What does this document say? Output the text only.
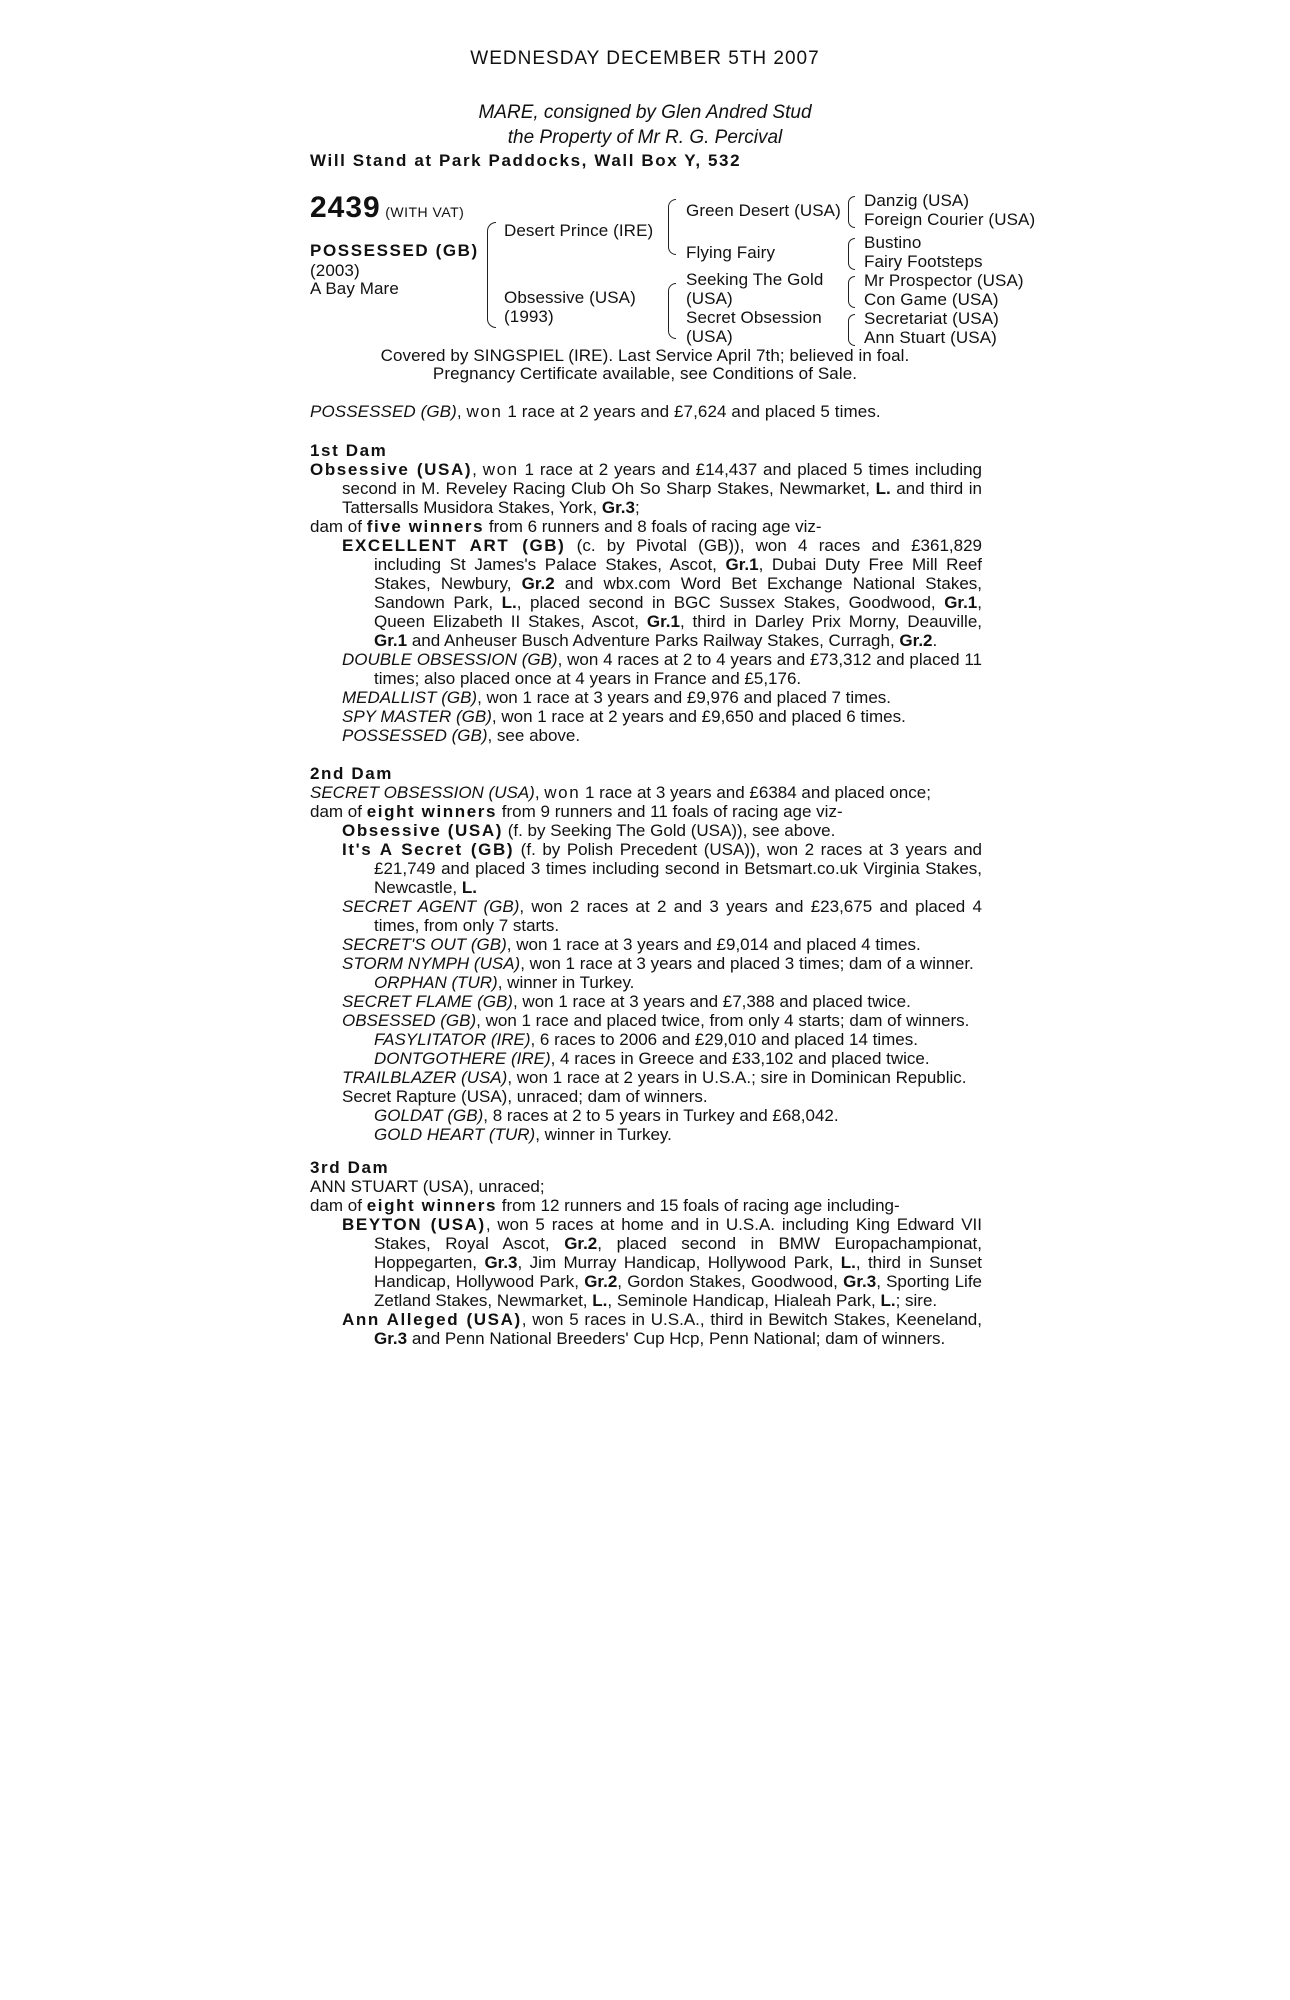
WEDNESDAY DECEMBER 5TH 2007
MARE, consigned by Glen Andred Stud
the Property of Mr R. G. Percival
Will Stand at Park Paddocks, Wall Box Y, 532
2439 (WITH VAT)
POSSESSED (GB)
(2003)
A Bay Mare
Desert Prince (IRE)
Obsessive (USA)
(1993)
Green Desert (USA)
Flying Fairy
Seeking The Gold
(USA)
Secret Obsession
(USA)
Danzig (USA)
Foreign Courier (USA)
Bustino
Fairy Footsteps
Mr Prospector (USA)
Con Game (USA)
Secretariat (USA)
Ann Stuart (USA)
Covered by SINGSPIEL (IRE). Last Service April 7th; believed in foal.
Pregnancy Certificate available, see Conditions of Sale.
POSSESSED (GB), won 1 race at 2 years and £7,624 and placed 5 times.

1st Dam

Obsessive (USA), won 1 race at 2 years and £14,437 and placed 5 times including second in M. Reveley Racing Club Oh So Sharp Stakes, Newmarket, L. and third in Tattersalls Musidora Stakes, York, Gr.3;

dam of five winners from 6 runners and 8 foals of racing age viz-

EXCELLENT ART (GB) (c. by Pivotal (GB)), won 4 races and £361,829 including St James's Palace Stakes, Ascot, Gr.1, Dubai Duty Free Mill Reef Stakes, Newbury, Gr.2 and wbx.com Word Bet Exchange National Stakes, Sandown Park, L., placed second in BGC Sussex Stakes, Goodwood, Gr.1, Queen Elizabeth II Stakes, Ascot, Gr.1, third in Darley Prix Morny, Deauville, Gr.1 and Anheuser Busch Adventure Parks Railway Stakes, Curragh, Gr.2.

DOUBLE OBSESSION (GB), won 4 races at 2 to 4 years and £73,312 and placed 11 times; also placed once at 4 years in France and £5,176.

MEDALLIST (GB), won 1 race at 3 years and £9,976 and placed 7 times.

SPY MASTER (GB), won 1 race at 2 years and £9,650 and placed 6 times.

POSSESSED (GB), see above.

2nd Dam

SECRET OBSESSION (USA), won 1 race at 3 years and £6384 and placed once;

dam of eight winners from 9 runners and 11 foals of racing age viz-

Obsessive (USA) (f. by Seeking The Gold (USA)), see above.

It's A Secret (GB) (f. by Polish Precedent (USA)), won 2 races at 3 years and £21,749 and placed 3 times including second in Betsmart.co.uk Virginia Stakes, Newcastle, L.

SECRET AGENT (GB), won 2 races at 2 and 3 years and £23,675 and placed 4 times, from only 7 starts.

SECRET'S OUT (GB), won 1 race at 3 years and £9,014 and placed 4 times.

STORM NYMPH (USA), won 1 race at 3 years and placed 3 times; dam of a winner.

ORPHAN (TUR), winner in Turkey.

SECRET FLAME (GB), won 1 race at 3 years and £7,388 and placed twice.

OBSESSED (GB), won 1 race and placed twice, from only 4 starts; dam of winners.

FASYLITATOR (IRE), 6 races to 2006 and £29,010 and placed 14 times.

DONTGOTHERE (IRE), 4 races in Greece and £33,102 and placed twice.

TRAILBLAZER (USA), won 1 race at 2 years in U.S.A.; sire in Dominican Republic.

Secret Rapture (USA), unraced; dam of winners.

GOLDAT (GB), 8 races at 2 to 5 years in Turkey and £68,042.

GOLD HEART (TUR), winner in Turkey.

3rd Dam

ANN STUART (USA), unraced;

dam of eight winners from 12 runners and 15 foals of racing age including-

BEYTON (USA), won 5 races at home and in U.S.A. including King Edward VII Stakes, Royal Ascot, Gr.2, placed second in BMW Europachampionat, Hoppegarten, Gr.3, Jim Murray Handicap, Hollywood Park, L., third in Sunset Handicap, Hollywood Park, Gr.2, Gordon Stakes, Goodwood, Gr.3, Sporting Life Zetland Stakes, Newmarket, L., Seminole Handicap, Hialeah Park, L.; sire.

Ann Alleged (USA), won 5 races in U.S.A., third in Bewitch Stakes, Keeneland, Gr.3 and Penn National Breeders' Cup Hcp, Penn National; dam of winners.
